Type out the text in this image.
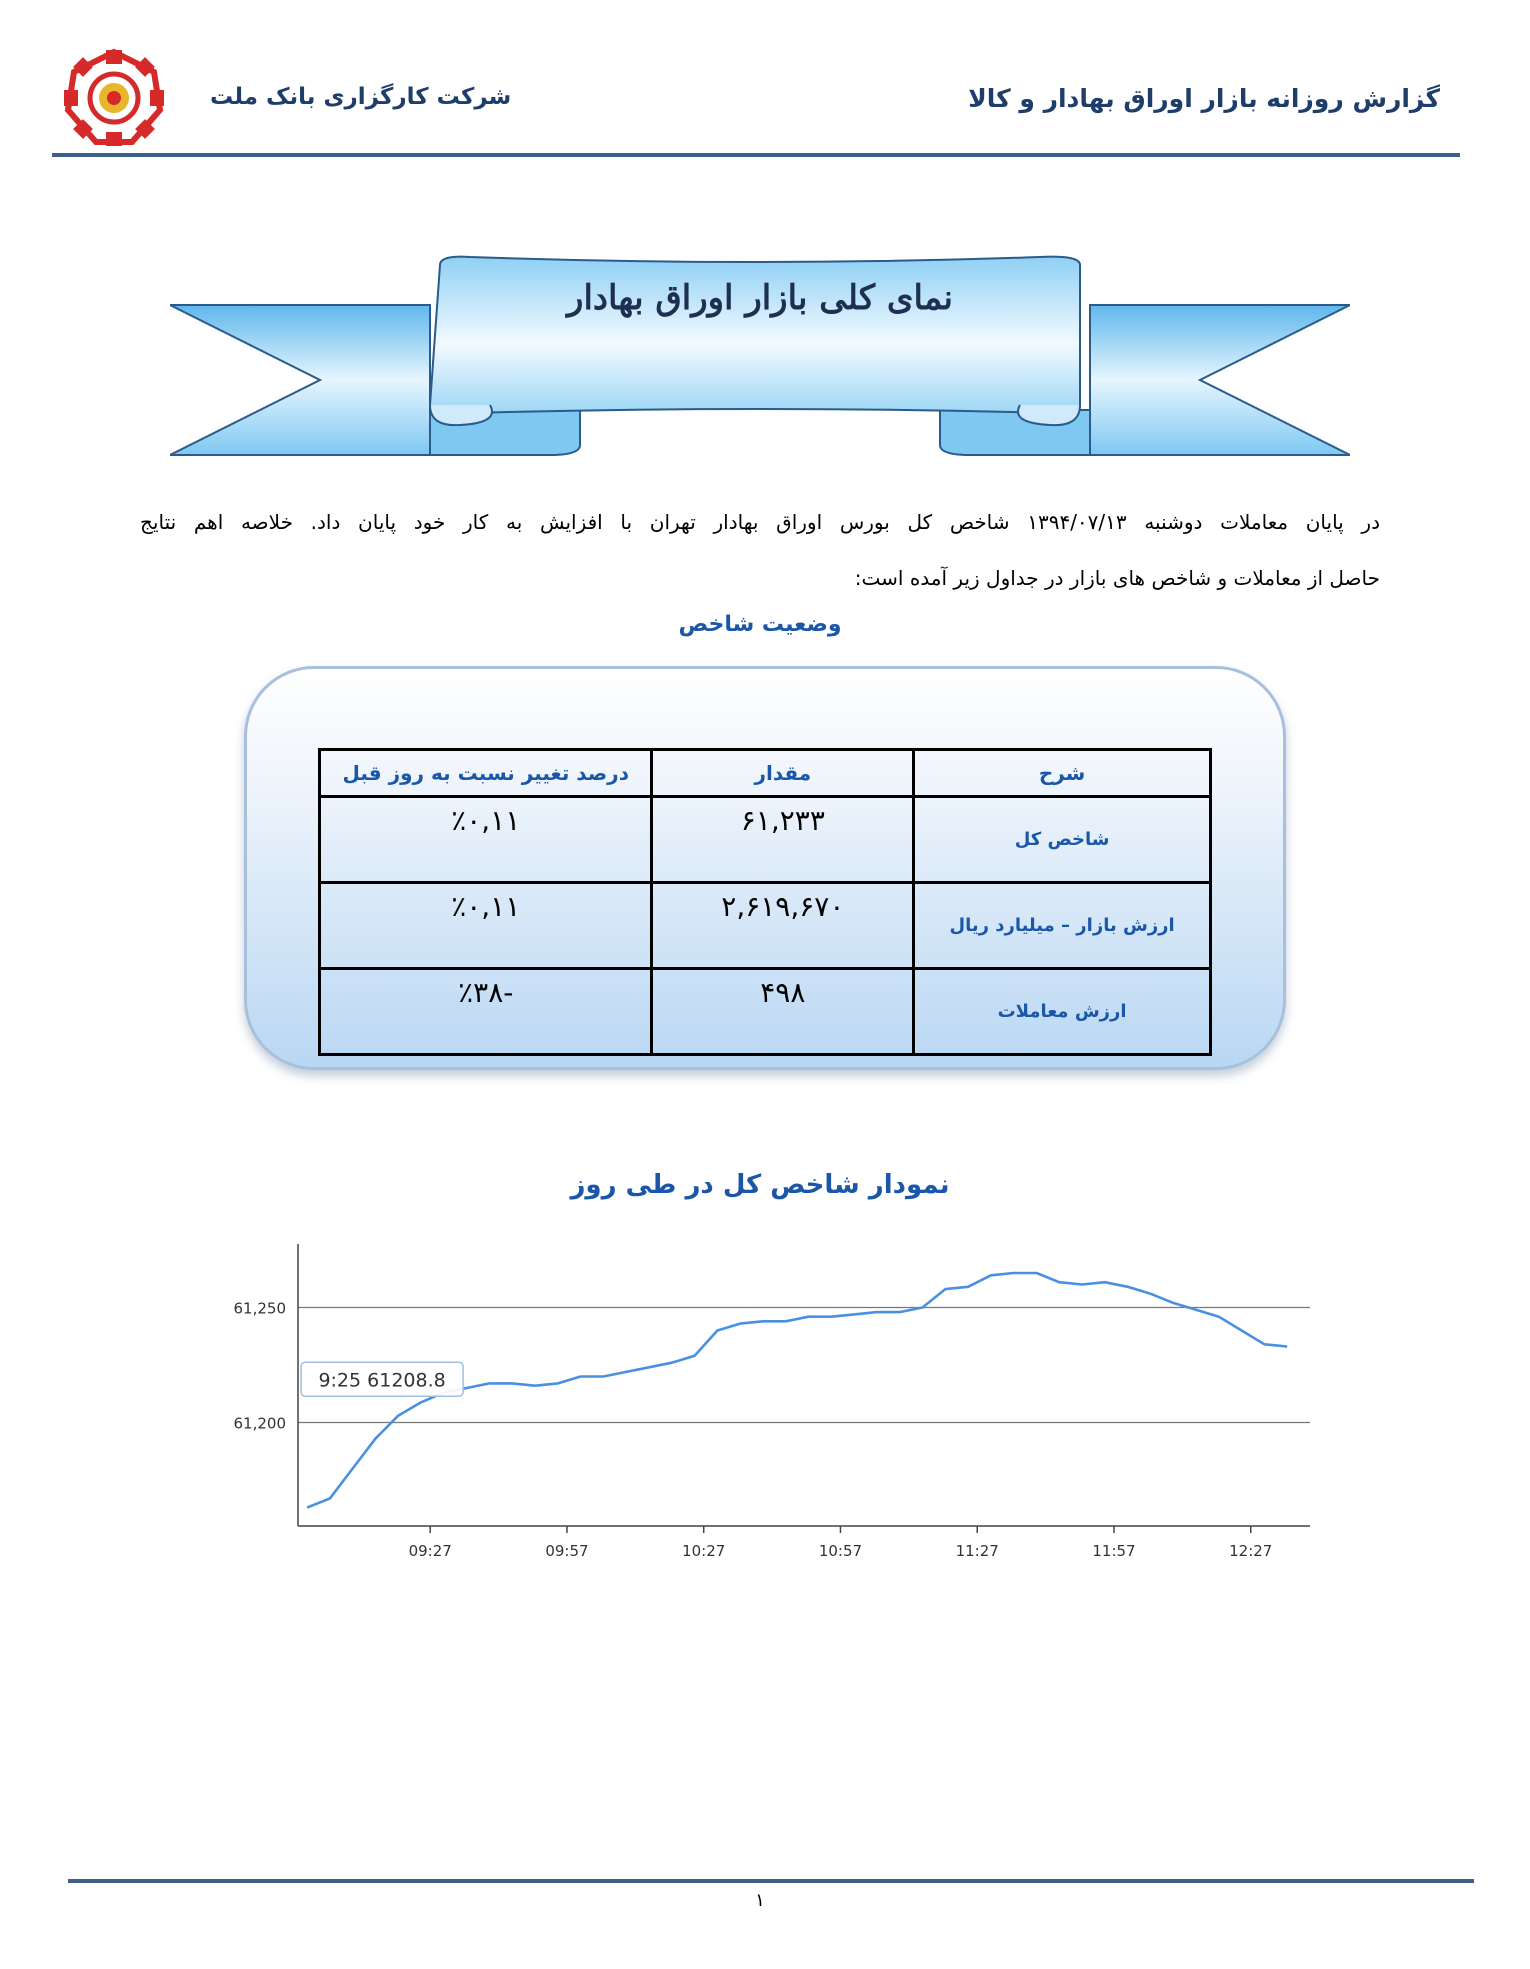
شرکت کارگزاری بانک ملت	گزارش روزانه بازار اوراق بهادار و کالا
نمای کلی بازار اوراق بهادار

در پایان معاملات دوشنبه ۱۳۹۴/۰۷/۱۳ شاخص کل بورس اوراق بهادار تهران با افزایش به کار خود پایان داد. خلاصه اهم نتایج

حاصل از معاملات و شاخص های بازار در جداول زیر آمده است:

وضعیت شاخص
شرح	مقدار	درصد تغییر نسبت به روز قبل
شاخص کل	۶۱,۲۳۳	٪۰,۱۱
ارزش بازار – میلیارد ریال	۲,۶۱۹,۶۷۰	٪۰,۱۱
ارزش معاملات	۴۹۸	-٪۳۸
نمودار شاخص کل در طی روز
61,200
61,250
09:27	09:57	10:27	10:57	11:27	11:57	12:27
9:25 61208.8
۱
